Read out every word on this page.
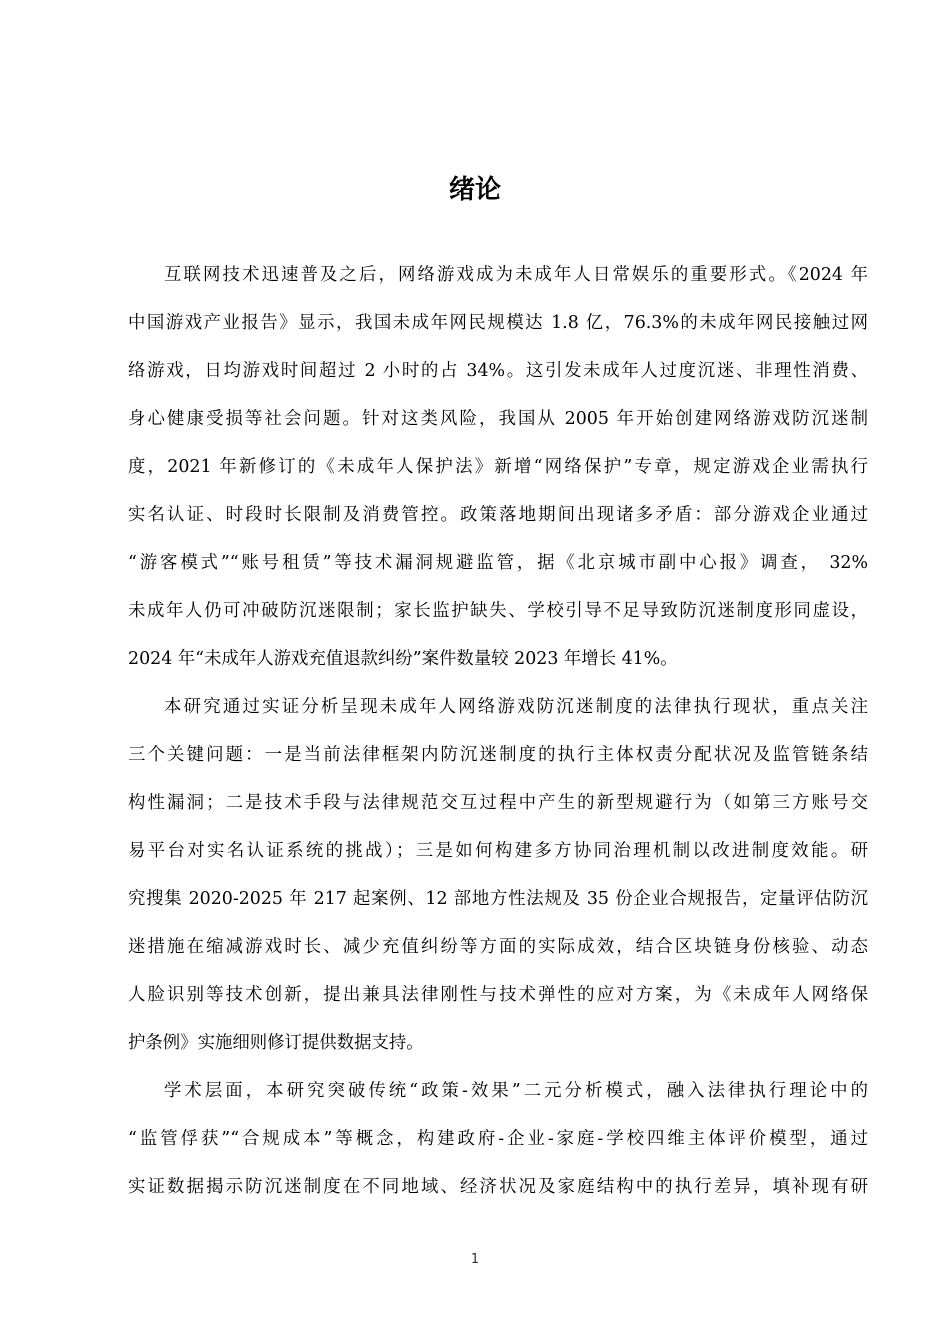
绪论
互联网技术迅速普及之后，网络游戏成为未成年人日常娱乐的重要形式。《2024 年
中国游戏产业报告》显示，我国未成年网民规模达 1.8 亿，76.3%的未成年网民接触过网
络游戏，日均游戏时间超过 2 小时的占 34%。这引发未成年人过度沉迷、非理性消费、
身心健康受损等社会问题。针对这类风险，我国从 2005 年开始创建网络游戏防沉迷制
度，2021 年新修订的《未成年人保护法》新增“网络保护”专章，规定游戏企业需执行
实名认证、时段时长限制及消费管控。政策落地期间出现诸多矛盾：部分游戏企业通过
“游客模式”“账号租赁”等技术漏洞规避监管，据《北京城市副中心报》调查， 32%
未成年人仍可冲破防沉迷限制；家长监护缺失、学校引导不足导致防沉迷制度形同虚设，
2024 年“未成年人游戏充值退款纠纷”案件数量较 2023 年增长 41%。
本研究通过实证分析呈现未成年人网络游戏防沉迷制度的法律执行现状，重点关注
三个关键问题：一是当前法律框架内防沉迷制度的执行主体权责分配状况及监管链条结
构性漏洞；二是技术手段与法律规范交互过程中产生的新型规避行为（如第三方账号交
易平台对实名认证系统的挑战）；三是如何构建多方协同治理机制以改进制度效能。研
究搜集 2020-2025 年 217 起案例、12 部地方性法规及 35 份企业合规报告，定量评估防沉
迷措施在缩减游戏时长、减少充值纠纷等方面的实际成效，结合区块链身份核验、动态
人脸识别等技术创新，提出兼具法律刚性与技术弹性的应对方案，为《未成年人网络保
护条例》实施细则修订提供数据支持。
学术层面，本研究突破传统“政策-效果”二元分析模式，融入法律执行理论中的
“监管俘获”“合规成本”等概念，构建政府-企业-家庭-学校四维主体评价模型，通过
实证数据揭示防沉迷制度在不同地域、经济状况及家庭结构中的执行差异，填补现有研
1
